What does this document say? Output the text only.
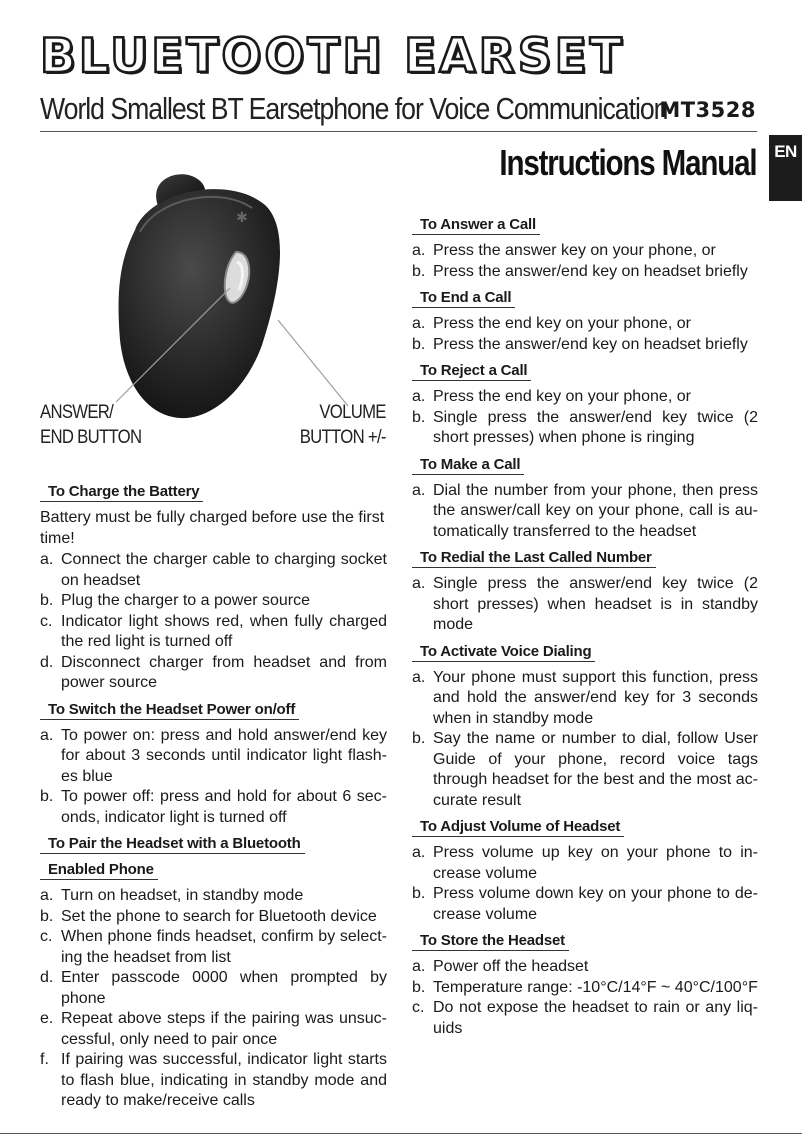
BLUETOOTH EARSET
World Smallest BT Earsetphone for Voice Communication
MT3528
Instructions Manual	EN
✱
ANSWER/
END BUTTON
VOLUME
BUTTON +/-
To Charge the Battery
Battery must be fully charged before use the first time!
a. Connect the charger cable to charging socket on headset
b. Plug the charger to a power source
c. Indicator light shows red, when fully charged the red light is turned off
d. Disconnect charger from headset and from power source
To Switch the Headset Power on/off
a. To power on: press and hold answer/end key for about 3 seconds until indicator light flashes blue
b. To power off: press and hold for about 6 seconds, indicator light is turned off
To Pair the Headset with a Bluetooth
Enabled Phone
a. Turn on headset, in standby mode
b. Set the phone to search for Bluetooth device
c. When phone finds headset, confirm by selecting the headset from list
d. Enter passcode 0000 when prompted by phone
e. Repeat above steps if the pairing was unsuccessful, only need to pair once
f. If pairing was successful, indicator light starts to flash blue, indicating in standby mode and ready to make/receive calls
To Answer a Call
a. Press the answer key on your phone, or
b. Press the answer/end key on headset briefly
To End a Call
a. Press the end key on your phone, or
b. Press the answer/end key on headset briefly
To Reject a Call
a. Press the end key on your phone, or
b. Single press the answer/end key twice (2 short presses) when phone is ringing
To Make a Call
a. Dial the number from your phone, then press the answer/call key on your phone, call is automatically transferred to the headset
To Redial the Last Called Number
a. Single press the answer/end key twice (2 short presses) when headset is in standby mode
To Activate Voice Dialing
a. Your phone must support this function, press and hold the answer/end key for 3 seconds when in standby mode
b. Say the name or number to dial, follow User Guide of your phone, record voice tags through headset for the best and the most accurate result
To Adjust Volume of Headset
a. Press volume up key on your phone to increase volume
b. Press volume down key on your phone to decrease volume
To Store the Headset
a. Power off the headset
b. Temperature range: -10°C/14°F ~ 40°C/100°F
c. Do not expose the headset to rain or any liquids
